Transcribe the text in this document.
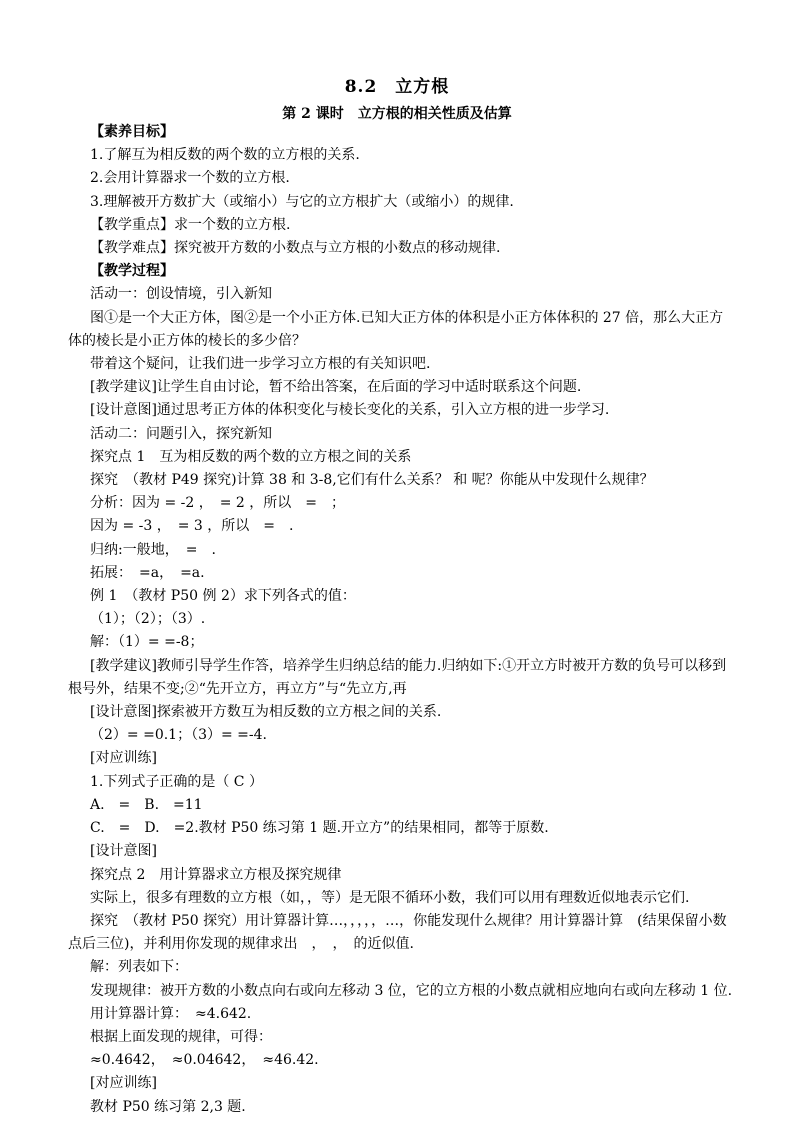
8.2　立方根
第 2 课时　立方根的相关性质及估算

【素养目标】

1.了解互为相反数的两个数的立方根的关系.

2.会用计算器求一个数的立方根.

3.理解被开方数扩大（或缩小）与它的立方根扩大（或缩小）的规律.

【教学重点】求一个数的立方根.

【教学难点】探究被开方数的小数点与立方根的小数点的移动规律.

【教学过程】

活动一：创设情境，引入新知

图①是一个大正方体，图②是一个小正方体.已知大正方体的体积是小正方体体积的 27 倍，那么大正方体的棱长是小正方体的棱长的多少倍？

带着这个疑问，让我们进一步学习立方根的有关知识吧.

[教学建议]让学生自由讨论，暂不给出答案，在后面的学习中适时联系这个问题.

[设计意图]通过思考正方体的体积变化与棱长变化的关系，引入立方根的进一步学习.

活动二：问题引入，探究新知

探究点 1　互为相反数的两个数的立方根之间的关系

探究　（教材 P49 探究)计算 38 和 3-8,它们有什么关系？ 和 呢？你能从中发现什么规律？

分析：因为 = -2 ，　= 2 ，所以　=　；

因为 = -3 ，　= 3 ，所以　=　.

归纳:一般地，　=　.

拓展：　=a，　=a.

例 1　（教材 P50 例 2）求下列各式的值：

（1）；（2）；（3）.

解：（1）= =-8；

[教学建议]教师引导学生作答，培养学生归纳总结的能力.归纳如下:①开立方时被开方数的负号可以移到根号外，结果不变;②“先开立方，再立方”与“先立方,再

[设计意图]探索被开方数互为相反数的立方根之间的关系.

（2）= =0.1；（3）= =-4.

[对应训练]

1.下列式子正确的是（ C ）

A.　=　B.　=11

C.　=　D.　=2.教材 P50 练习第 1 题.开立方”的结果相同，都等于原数.

[设计意图]

探究点 2　用计算器求立方根及探究规律

实际上，很多有理数的立方根（如，，等）是无限不循环小数，我们可以用有理数近似地表示它们.

探究　（教材 P50 探究）用计算器计算…，，，，，…，你能发现什么规律？用计算器计算　(结果保留小数点后三位)，并利用你发现的规律求出　，　，　的近似值.

解：列表如下：

发现规律：被开方数的小数点向右或向左移动 3 位，它的立方根的小数点就相应地向右或向左移动 1 位.

用计算器计算：　≈4.642.

根据上面发现的规律，可得：

≈0.4642，　≈0.04642，　≈46.42.

[对应训练]

教材 P50 练习第 2,3 题.
